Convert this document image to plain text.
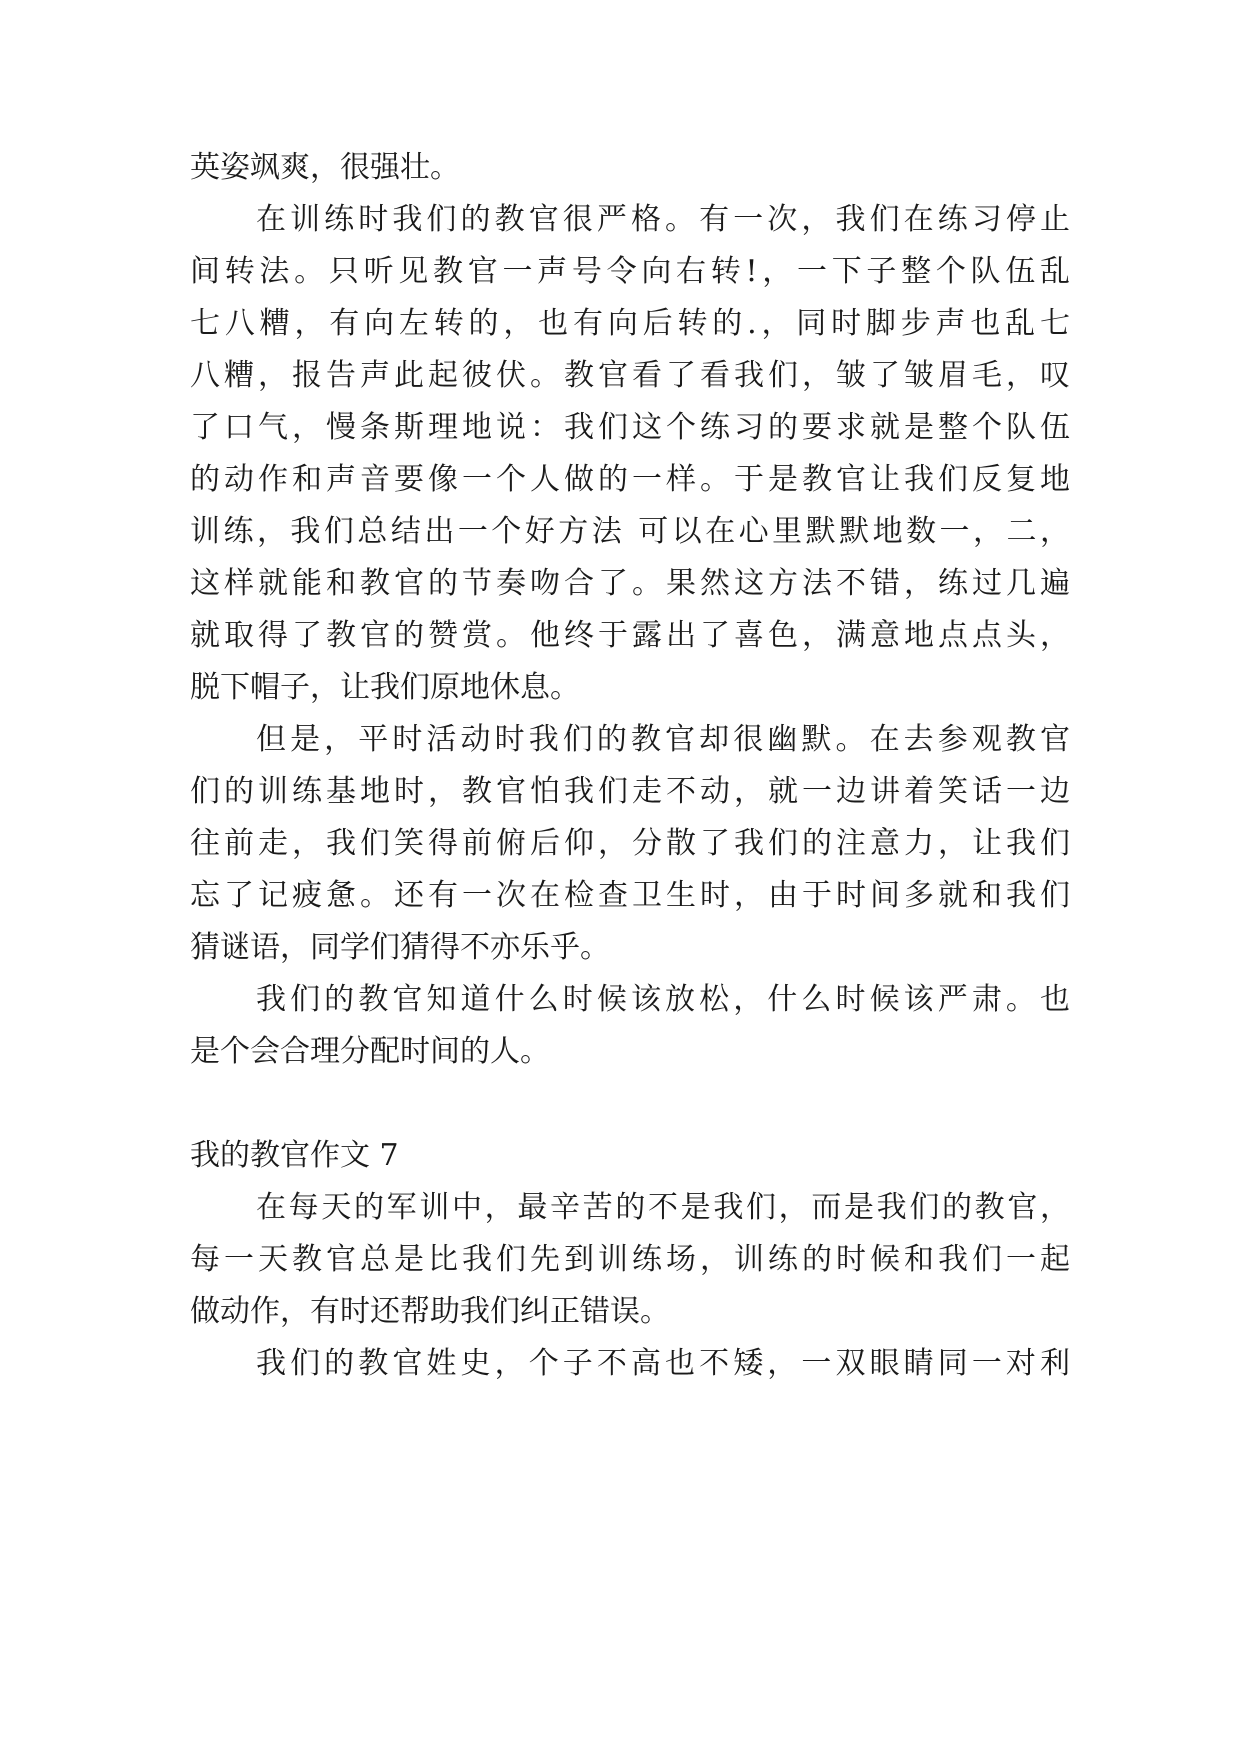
英姿飒爽，很强壮。
在训练时我们的教官很严格。有一次，我们在练习停止
间转法。只听见教官一声号令向右转!，一下子整个队伍乱
七八糟，有向左转的，也有向后转的.，同时脚步声也乱七
八糟，报告声此起彼伏。教官看了看我们，皱了皱眉毛，叹
了口气，慢条斯理地说：我们这个练习的要求就是整个队伍
的动作和声音要像一个人做的一样。于是教官让我们反复地
训练，我们总结出一个好方法 可以在心里默默地数一，二，
这样就能和教官的节奏吻合了。果然这方法不错，练过几遍
就取得了教官的赞赏。他终于露出了喜色，满意地点点头，
脱下帽子，让我们原地休息。
但是，平时活动时我们的教官却很幽默。在去参观教官
们的训练基地时，教官怕我们走不动，就一边讲着笑话一边
往前走，我们笑得前俯后仰，分散了我们的注意力，让我们
忘了记疲惫。还有一次在检查卫生时，由于时间多就和我们
猜谜语，同学们猜得不亦乐乎。
我们的教官知道什么时候该放松，什么时候该严肃。也
是个会合理分配时间的人。
我的教官作文 7
在每天的军训中，最辛苦的不是我们，而是我们的教官，
每一天教官总是比我们先到训练场，训练的时候和我们一起
做动作，有时还帮助我们纠正错误。
我们的教官姓史，个子不高也不矮，一双眼睛同一对利
